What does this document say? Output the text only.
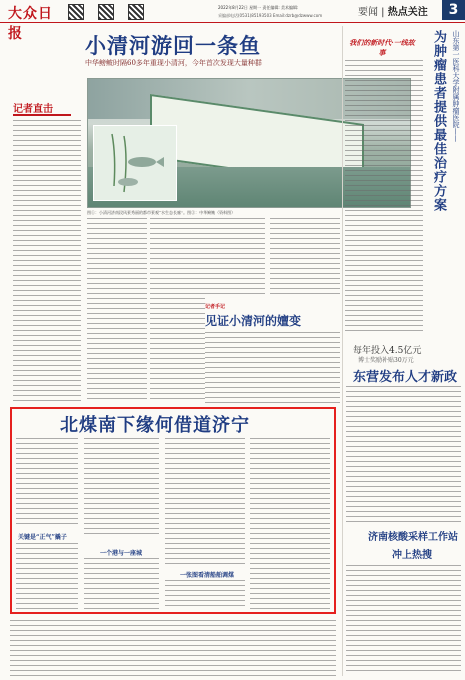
大众日报
2022年8月22日 星期一 责任编辑: 美术编辑:
采编部电话(0531)85193503 Email:dzrb@dzwww.com	要闻 | 热点关注	3
小清河游回一条鱼
中华鳑鲏时隔60多年重现小清河，今年首次发现大量种群
记者直击
图①：小清河济南段风景秀丽的都市景观“水生态长廊”。图②：中华鳑鲏（资料图）
记者手记
见证小清河的嬗变
我们的新时代·一线故事	为肿瘤患者提供最佳治疗方案 山东第一医科大学附属肿瘤医院——
每年投入4.5亿元
博士奖励补贴30万元
东营发布人才新政
济南核酸采样工作站
冲上热搜
北煤南下缘何借道济宁
关键是“正气”撬子
一个港与一座城
一张图看清船舶调煤
